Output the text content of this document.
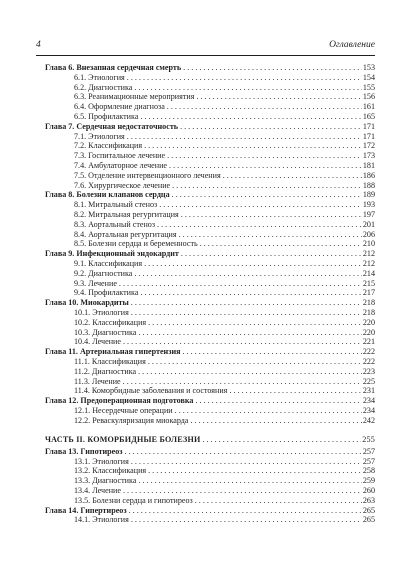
4	Оглавление
Глава 6. Внезапная сердечная смерть . . .	153
6.1. Этиология . . .	154
6.2. Диагностика . . .	155
6.3. Реанимационные мероприятия . . .	156
6.4. Оформление диагноза . . .	161
6.5. Профилактика . . .	165
Глава 7. Сердечная недостаточность . . .	171
7.1. Этиология . . .	171
7.2. Классификация . . .	172
7.3. Госпитальное лечение . . .	173
7.4. Амбулаторное лечение . . .	181
7.5. Отделение интервенционного лечения . . .	186
7.6. Хирургическое лечение . . .	188
Глава 8. Болезни клапанов сердца . . .	189
8.1. Митральный стеноз . . .	193
8.2. Митральная регургитация . . .	197
8.3. Аортальный стеноз . . .	201
8.4. Аортальная регургитация . . .	206
8.5. Болезни сердца и беременность . . .	210
Глава 9. Инфекционный эндокардит . . .	212
9.1. Классификация . . .	212
9.2. Диагностика . . .	214
9.3. Лечение . . .	215
9.4. Профилактика . . .	217
Глава 10. Миокардиты . . .	218
10.1. Этиология . . .	218
10.2. Классификация . . .	220
10.3. Диагностика . . .	220
10.4. Лечение . . .	221
Глава 11. Артериальная гипертензия . . .	222
11.1. Классификация . . .	222
11.2. Диагностика . . .	223
11.3. Лечение . . .	225
11.4. Коморбидные заболевания и состояния . . .	231
Глава 12. Предоперационная подготовка . . .	234
12.1. Несердечные операции . . .	234
12.2. Реваскуляризация миокарда . . .	242
ЧАСТЬ II. КОМОРБИДНЫЕ БОЛЕЗНИ . . .	255
Глава 13. Гипотиреоз . . .	257
13.1. Этиология . . .	257
13.2. Классификация . . .	258
13.3. Диагностика . . .	259
13.4. Лечение . . .	260
13.5. Болезни сердца и гипотиреоз . . .	263
Глава 14. Гипертиреоз . . .	265
14.1. Этиология . . .	265
